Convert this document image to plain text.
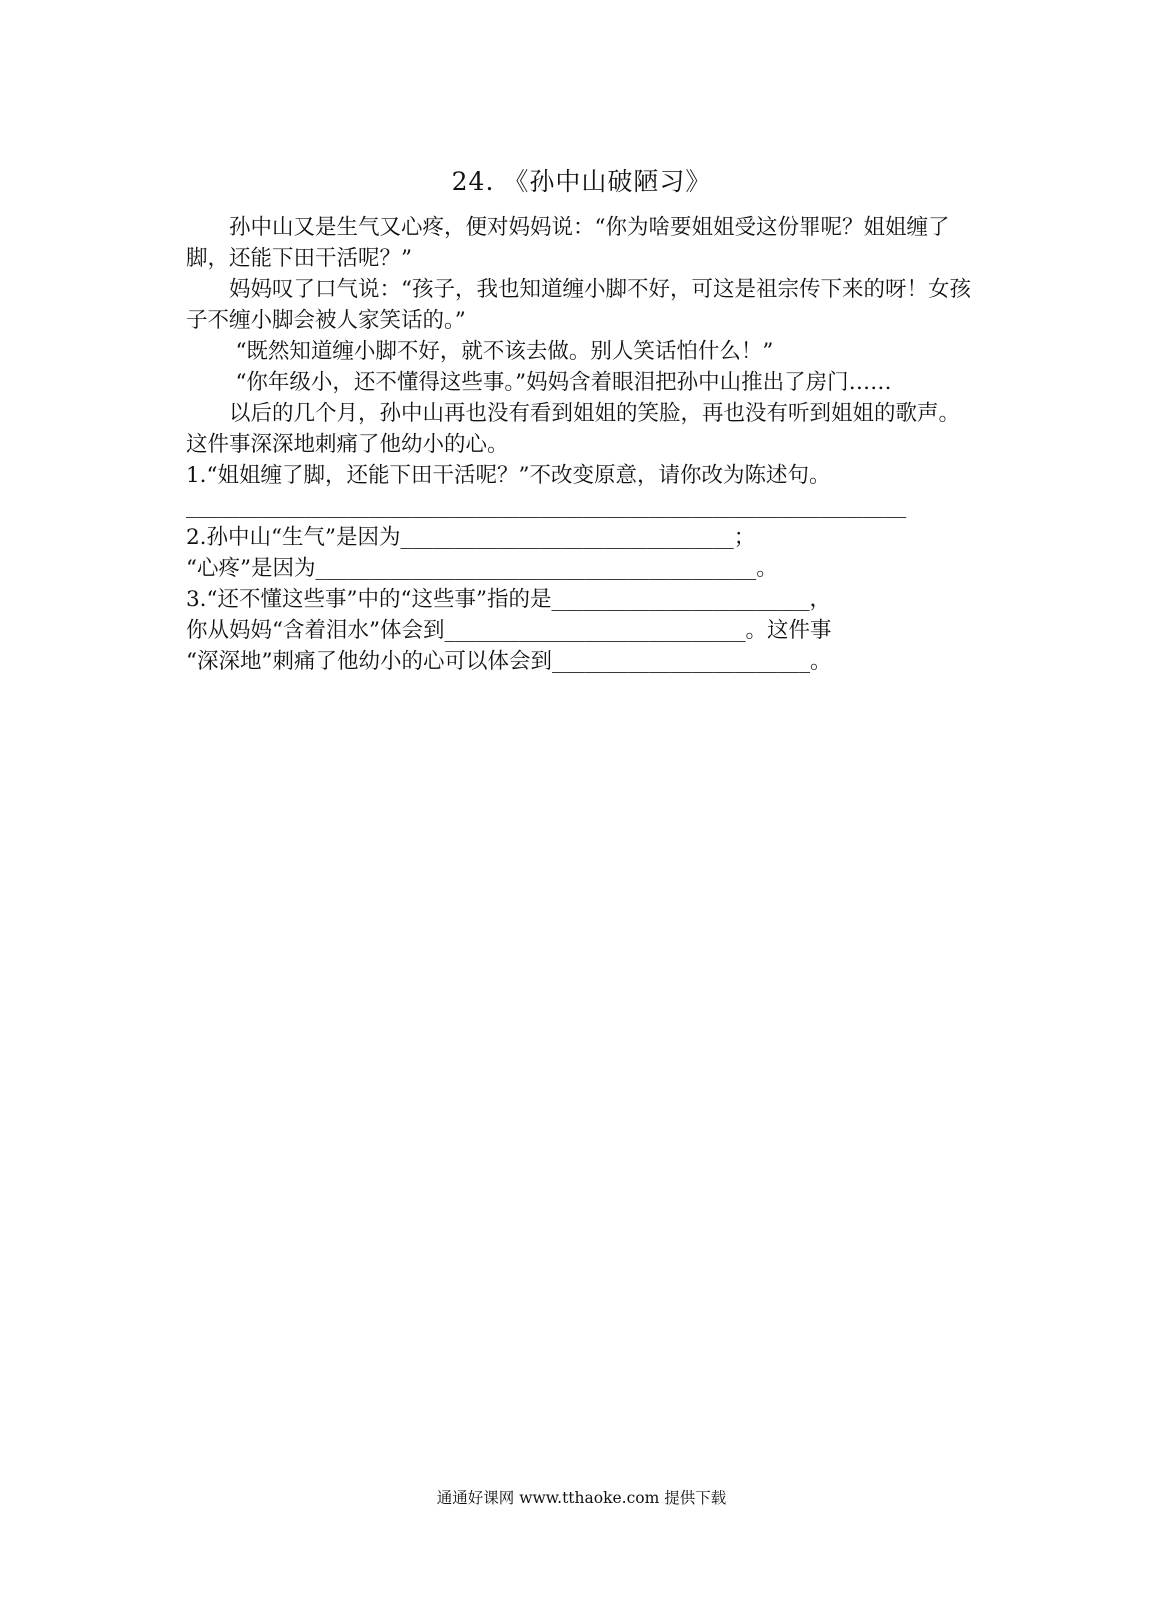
24. 《孙中山破陋习》

孙中山又是生气又心疼，便对妈妈说：“你为啥要姐姐受这份罪呢？姐姐缠了脚，还能下田干活呢？”

妈妈叹了口气说：“孩子，我也知道缠小脚不好，可这是祖宗传下来的呀！女孩子不缠小脚会被人家笑话的。”

“既然知道缠小脚不好，就不该去做。别人笑话怕什么！”

“你年级小，还不懂得这些事。”妈妈含着眼泪把孙中山推出了房门……

以后的几个月，孙中山再也没有看到姐姐的笑脸，再也没有听到姐姐的歌声。这件事深深地刺痛了他幼小的心。

1.“姐姐缠了脚，还能下田干活呢？”不改变原意，请你改为陈述句。

___________________________________________________________________

2.孙中山“生气”是因为_______________________________；

“心疼”是因为_________________________________________。

3.“还不懂这些事”中的“这些事”指的是________________________，

你从妈妈“含着泪水”体会到____________________________。这件事

“深深地”刺痛了他幼小的心可以体会到________________________。

通通好课网 www.tthaoke.com 提供下载
